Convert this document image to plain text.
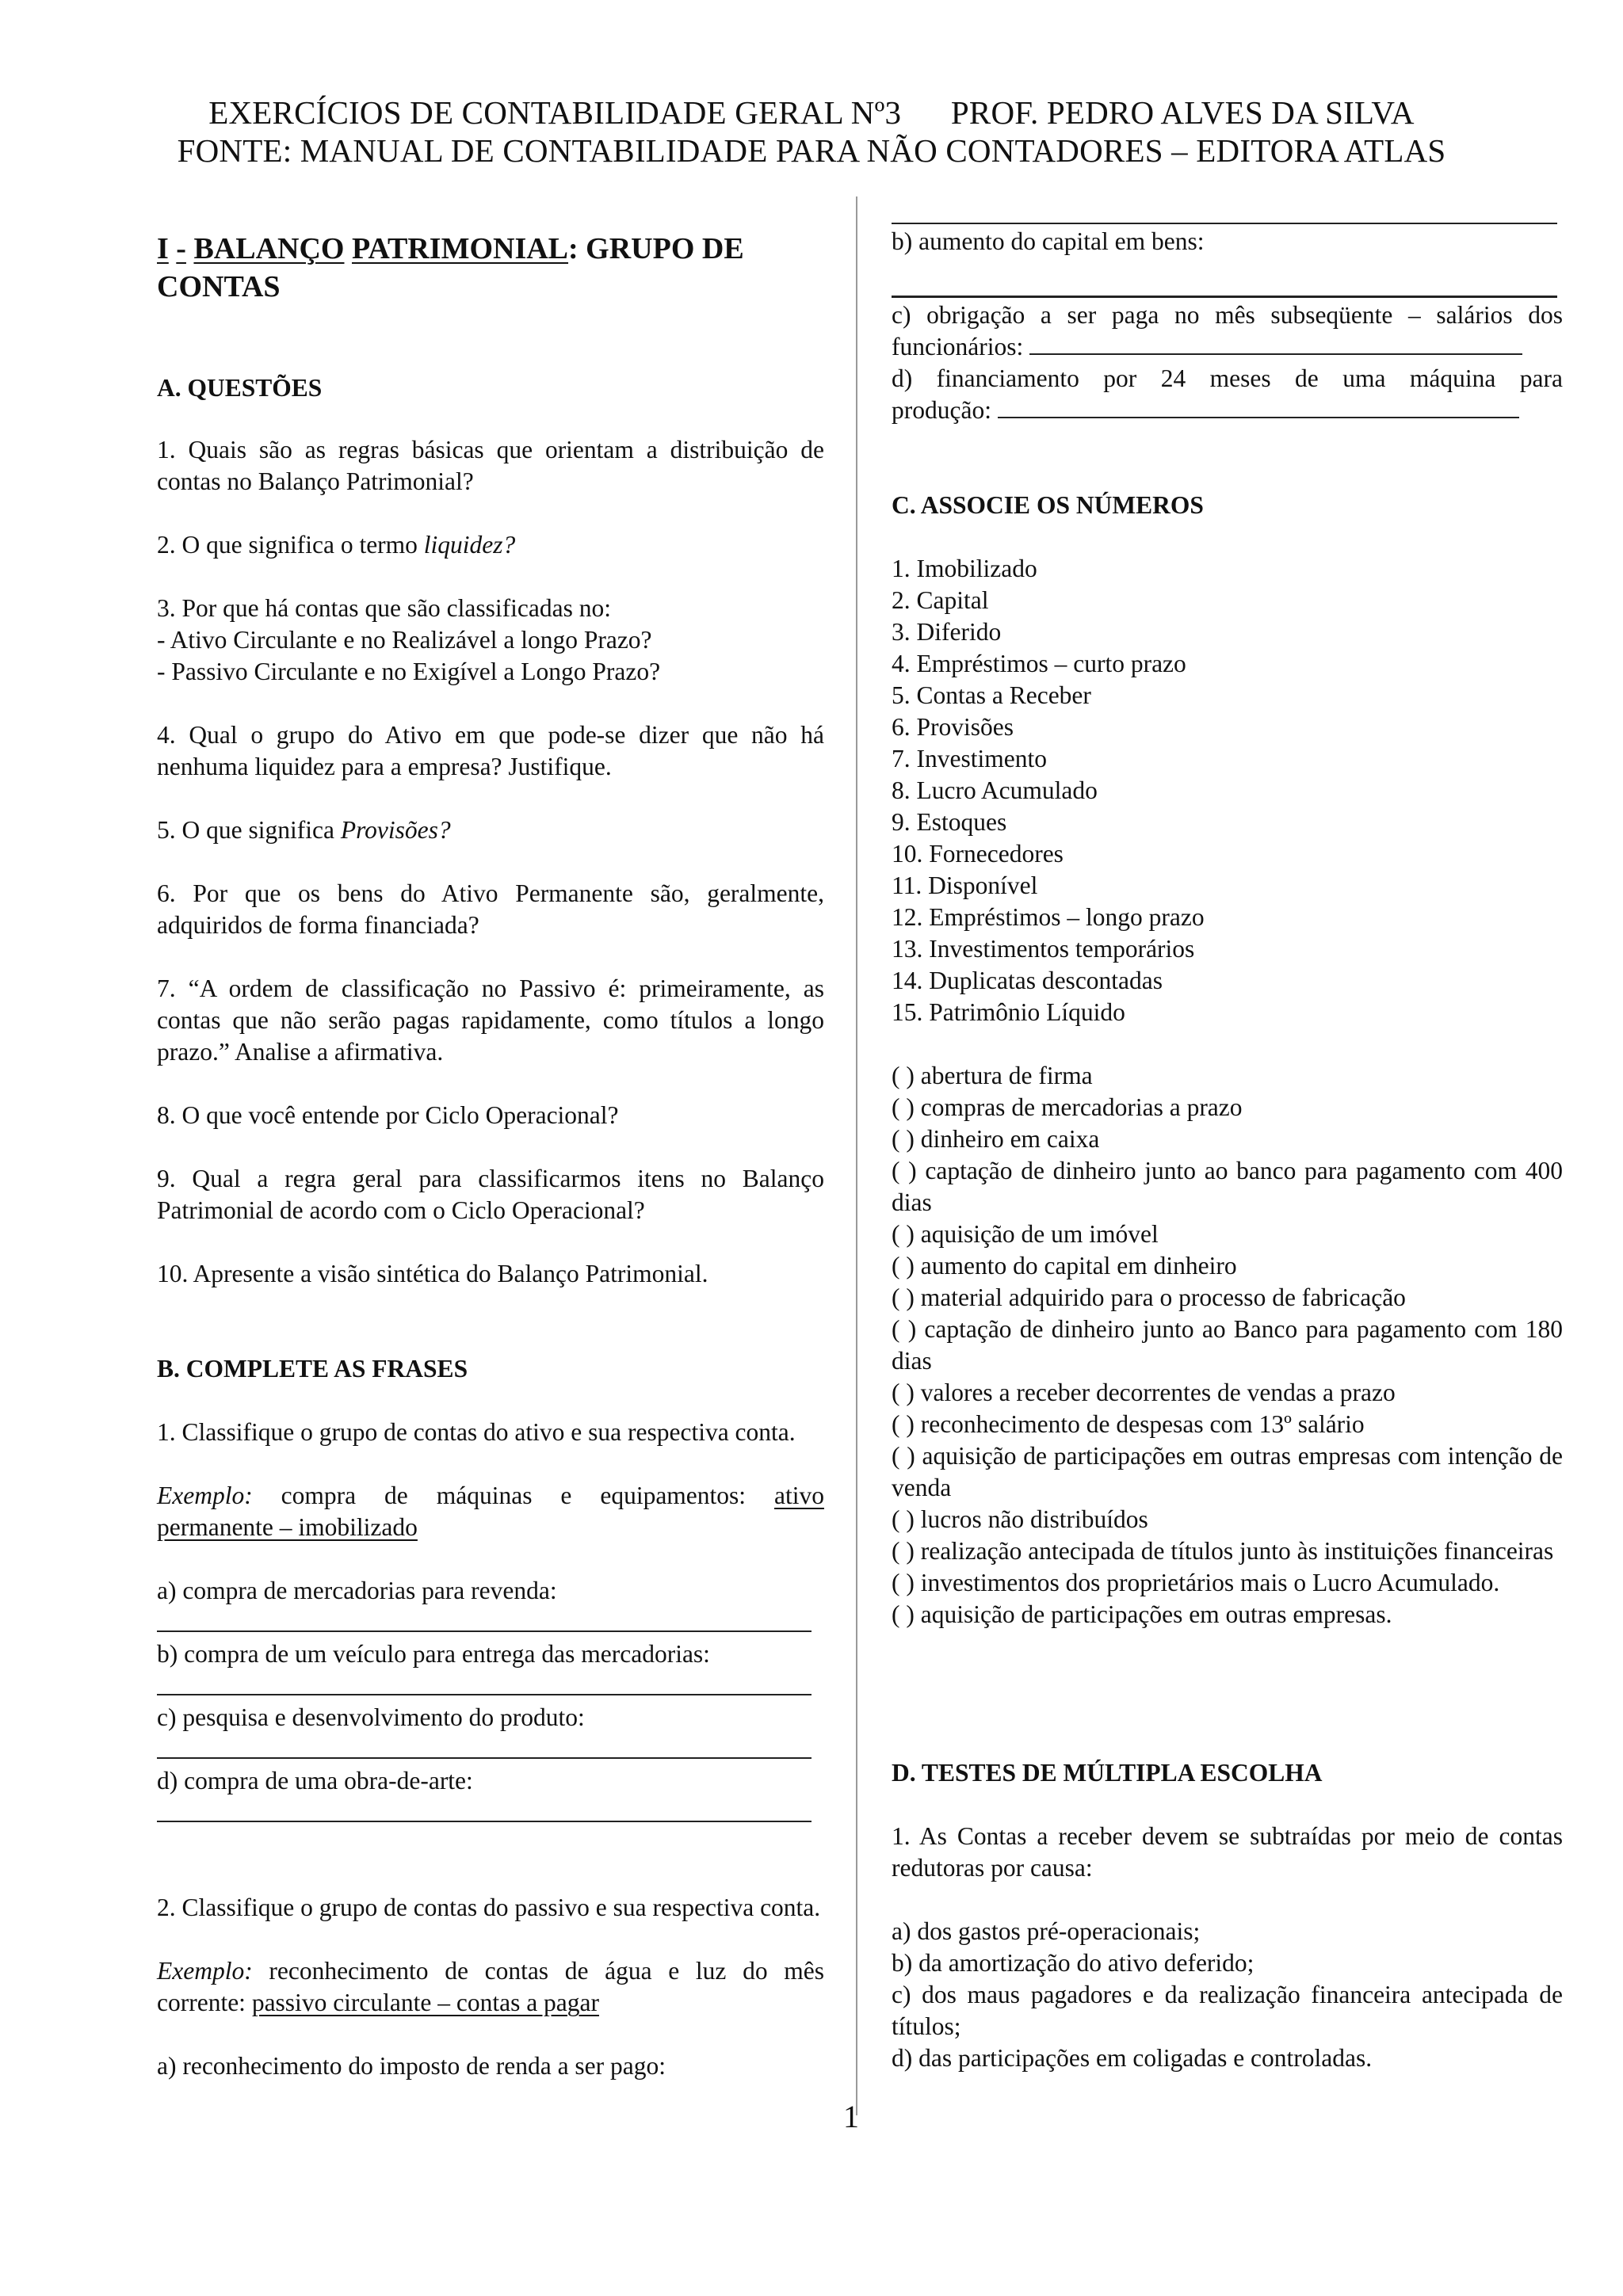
EXERCÍCIOS DE CONTABILIDADE GERAL Nº3      PROF. PEDRO ALVES DA SILVA
FONTE: MANUAL DE CONTABILIDADE PARA NÃO CONTADORES – EDITORA ATLAS
I - BALANÇO PATRIMONIAL: GRUPO DE
CONTAS

A. QUESTÕES

1. Quais são as regras básicas que orientam a distribuição de contas no Balanço Patrimonial?

2. O que significa o termo liquidez?

3. Por que há contas que são classificadas no:
- Ativo Circulante e no Realizável a longo Prazo?
- Passivo Circulante e no Exigível a Longo Prazo?

4. Qual o grupo do Ativo em que pode-se dizer que não há nenhuma liquidez para a empresa? Justifique.

5. O que significa Provisões?

6. Por que os bens do Ativo Permanente são, geralmente, adquiridos de forma financiada?

7. “A ordem de classificação no Passivo é: primeiramente, as contas que não serão pagas rapidamente, como títulos a longo prazo.” Analise a afirmativa.

8. O que você entende por Ciclo Operacional?

9. Qual a regra geral para classificarmos itens no Balanço Patrimonial de acordo com o Ciclo Operacional?

10. Apresente a visão sintética do Balanço Patrimonial.

B. COMPLETE AS FRASES

1. Classifique o grupo de contas do ativo e sua respectiva conta.

Exemplo: compra de máquinas e equipamentos: ativo
permanente – imobilizado

a) compra de mercadorias para revenda:

b) compra de um veículo para entrega das mercadorias:

c) pesquisa e desenvolvimento do produto:

d) compra de uma obra-de-arte:

2. Classifique o grupo de contas do passivo e sua respectiva conta.

Exemplo: reconhecimento de contas de água e luz do mês
corrente: passivo circulante – contas a pagar

a) reconhecimento do imposto de renda a ser pago:

b) aumento do capital em bens:

c) obrigação a ser paga no mês subseqüente – salários dos

funcionários:

d) financiamento por 24 meses de uma máquina para

produção:

C. ASSOCIE OS NÚMEROS

1. Imobilizado
2. Capital
3. Diferido
4. Empréstimos – curto prazo
5. Contas a Receber
6. Provisões
7. Investimento
8. Lucro Acumulado
9. Estoques
10. Fornecedores
11. Disponível
12. Empréstimos – longo prazo
13. Investimentos temporários
14. Duplicatas descontadas
15. Patrimônio Líquido
( ) abertura de firma
( ) compras de mercadorias a prazo
( ) dinheiro em caixa
( ) captação de dinheiro junto ao banco para pagamento com 400 dias
( ) aquisição de um imóvel
( ) aumento do capital em dinheiro
( ) material adquirido para o processo de fabricação
( ) captação de dinheiro junto ao Banco para pagamento com 180 dias
( ) valores a receber decorrentes de vendas a prazo
( ) reconhecimento de despesas com 13º salário
( ) aquisição de participações em outras empresas com intenção de venda
( ) lucros não distribuídos
( ) realização antecipada de títulos junto às instituições financeiras
( ) investimentos dos proprietários mais o Lucro Acumulado.
( ) aquisição de participações em outras empresas.

D. TESTES DE MÚLTIPLA ESCOLHA

1. As Contas a receber devem se subtraídas por meio de contas redutoras por causa:

a) dos gastos pré-operacionais;
b) da amortização do ativo deferido;
c) dos maus pagadores e da realização financeira antecipada de títulos;
d) das participações em coligadas e controladas.
1
